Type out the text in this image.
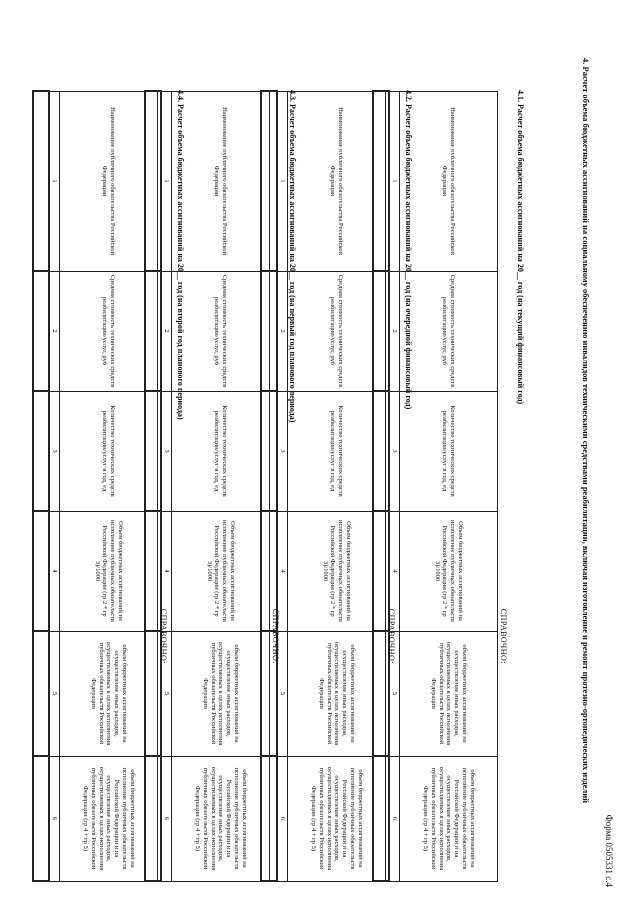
Форма 0505331 с.4
4. Расчет объема бюджетных ассигнований на социальному обеспечению инвалидов техническими средствами реабилитации, включая изготовление и ремонт протезно-ортопедических изделий
4.1. Расчет объема бюджетных ассигнований на 20__ год (на текущий финансовый год)
СПРАВОЧНО:
Наименование публичного обязательства Российской Федерации	Средняя стоимость технических средств реабилитации/услуг, руб	Количество технических средств реабилитации/услуг в год, ед	Объем бюджетных ассигнований на исполнение публичных обязательств Российской Федерации (гр 2 * гр 3)/1000	объем бюджетных ассигнований на осуществление иных расходов, осуществляемых в целях исполнения публичных обязательств Российской Федерации	объем бюджетных ассигнований на исполнение публичных обязательств Российской Федерации и на осуществление иных расходов, осуществляемых в целях исполнения публичных обязательств Российской Федерации (гр 4 + гр 5)
1	2	3	4	5	6

4.2. Расчет объема бюджетных ассигнований на 20__ год (на очередной финансовый год)
СПРАВОЧНО:
Наименование публичного обязательства Российской Федерации	Средняя стоимость технических средств реабилитации/услуг, руб	Количество технических средств реабилитации/услуг в год, ед	Объем бюджетных ассигнований на исполнение публичных обязательств Российской Федерации (гр 2 * гр 3)/1000	объем бюджетных ассигнований на осуществление иных расходов, осуществляемых в целях исполнения публичных обязательств Российской Федерации	объем бюджетных ассигнований на исполнение публичных обязательств Российской Федерации и на осуществление иных расходов, осуществляемых в целях исполнения публичных обязательств Российской Федерации (гр 4 + гр 5)
1	2	3	4	5	6

4.3. Расчет объема бюджетных ассигнований на 20__ год (на первый год планового периода)
СПРАВОЧНО:
Наименование публичного обязательства Российской Федерации	Средняя стоимость технических средств реабилитации/услуг, руб	Количество технических средств реабилитации/услуг в год, ед	Объем бюджетных ассигнований на исполнение публичных обязательств Российской Федерации (гр 2 * гр 3)/1000	объем бюджетных ассигнований на осуществление иных расходов, осуществляемых в целях исполнения публичных обязательств Российской Федерации	объем бюджетных ассигнований на исполнение публичных обязательств Российской Федерации и на осуществление иных расходов, осуществляемых в целях исполнения публичных обязательств Российской Федерации (гр 4 + гр 5)
1	2	3	4	5	6

4.4. Расчет объема бюджетных ассигнований на 20__ год (на второй год планового периода)
СПРАВОЧНО:
Наименование публичного обязательства Российской Федерации	Средняя стоимость технических средств реабилитации/услуг, руб	Количество технических средств реабилитации/услуг в год, ед	Объем бюджетных ассигнований на исполнение публичных обязательств Российской Федерации (гр 2 * гр 3)/1000	объем бюджетных ассигнований на осуществление иных расходов, осуществляемых в целях исполнения публичных обязательств Российской Федерации	объем бюджетных ассигнований на исполнение публичных обязательств Российской Федерации и на осуществление иных расходов, осуществляемых в целях исполнения публичных обязательств Российской Федерации (гр 4 + гр 5)
1	2	3	4	5	6
